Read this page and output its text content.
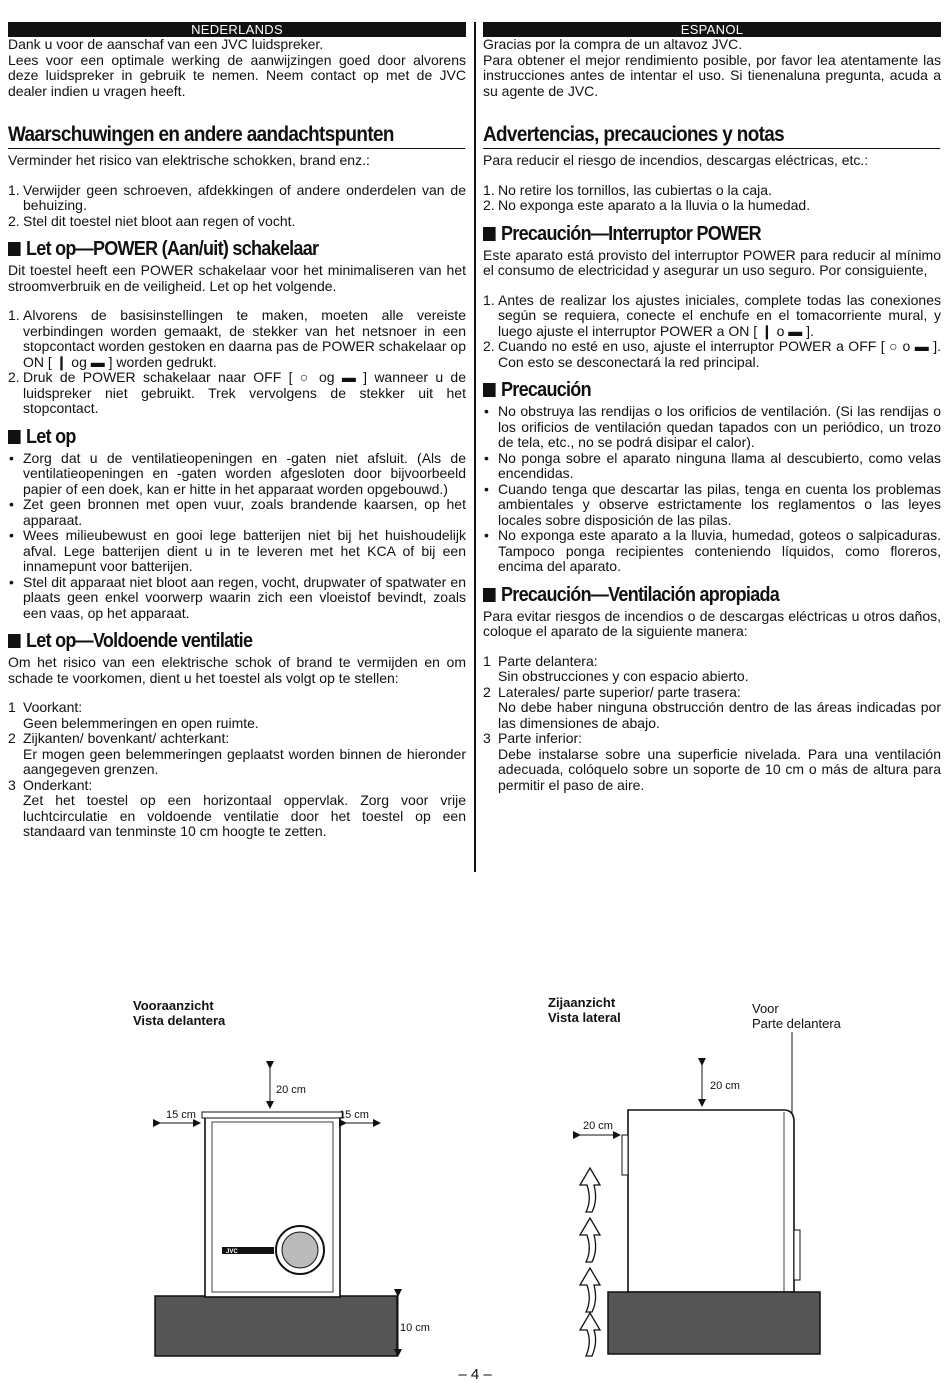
NEDERLANDS

Dank u voor de aanschaf van een JVC luidspreker.

Lees voor een optimale werking de aanwijzingen goed door alvorens deze luidspreker in gebruik te nemen. Neem contact op met de JVC dealer indien u vragen heeft.

Waarschuwingen en andere aandachtspunten

Verminder het risico van elektrische schokken, brand enz.:

1. Verwijder geen schroeven, afdekkingen of andere onderdelen van de behuizing.
2. Stel dit toestel niet bloot aan regen of vocht.
Let op—POWER (Aan/uit) schakelaar

Dit toestel heeft een POWER schakelaar voor het minimaliseren van het stroomverbruik en de veiligheid. Let op het volgende.

1. Alvorens de basisinstellingen te maken, moeten alle vereiste verbindingen worden gemaakt, de stekker van het netsnoer in een stopcontact worden gestoken en daarna pas de POWER schakelaar op ON [ ❙ og ▬ ] worden gedrukt.
2. Druk de POWER schakelaar naar OFF [ ○ og ▬ ] wanneer u de luidspreker niet gebruikt. Trek vervolgens de stekker uit het stopcontact.
Let op
• Zorg dat u de ventilatieopeningen en -gaten niet afsluit. (Als de ventilatieopeningen en -gaten worden afgesloten door bijvoorbeeld papier of een doek, kan er hitte in het apparaat worden opgebouwd.)
• Zet geen bronnen met open vuur, zoals brandende kaarsen, op het apparaat.
• Wees milieubewust en gooi lege batterijen niet bij het huishoudelijk afval. Lege batterijen dient u in te leveren met het KCA of bij een innamepunt voor batterijen.
• Stel dit apparaat niet bloot aan regen, vocht, drupwater of spatwater en plaats geen enkel voorwerp waarin zich een vloeistof bevindt, zoals een vaas, op het apparaat.
Let op—Voldoende ventilatie

Om het risico van een elektrische schok of brand te vermijden en om schade te voorkomen, dient u het toestel als volgt op te stellen:

1 Voorkant:
Geen belemmeringen en open ruimte.
2 Zijkanten/ bovenkant/ achterkant:
Er mogen geen belemmeringen geplaatst worden binnen de hieronder aangegeven grenzen.
3 Onderkant:
Zet het toestel op een horizontaal oppervlak. Zorg voor vrije luchtcirculatie en voldoende ventilatie door het toestel op een standaard van tenminste 10 cm hoogte te zetten.
ESPANOL

Gracias por la compra de un altavoz JVC.

Para obtener el mejor rendimiento posible, por favor lea atentamente las instrucciones antes de intentar el uso. Si tienenaluna pregunta, acuda a su agente de JVC.

Advertencias, precauciones y notas

Para reducir el riesgo de incendios, descargas eléctricas, etc.:

1. No retire los tornillos, las cubiertas o la caja.
2. No exponga este aparato a la lluvia o la humedad.
Precaución—Interruptor POWER

Este aparato está provisto del interruptor POWER para reducir al mínimo el consumo de electricidad y asegurar un uso seguro. Por consiguiente,

1. Antes de realizar los ajustes iniciales, complete todas las conexiones según se requiera, conecte el enchufe en el tomacorriente mural, y luego ajuste el interruptor POWER a ON [ ❙ o ▬ ].
2. Cuando no esté en uso, ajuste el interruptor POWER a OFF [ ○ o ▬ ]. Con esto se desconectará la red principal.
Precaución
• No obstruya las rendijas o los orificios de ventilación. (Si las rendijas o los orificios de ventilación quedan tapados con un periódico, un trozo de tela, etc., no se podrá disipar el calor).
• No ponga sobre el aparato ninguna llama al descubierto, como velas encendidas.
• Cuando tenga que descartar las pilas, tenga en cuenta los problemas ambientales y observe estrictamente los reglamentos o las leyes locales sobre disposición de las pilas.
• No exponga este aparato a la lluvia, humedad, goteos o salpicaduras. Tampoco ponga recipientes conteniendo líquidos, como floreros, encima del aparato.
Precaución—Ventilación apropiada

Para evitar riesgos de incendios o de descargas eléctricas u otros daños, coloque el aparato de la siguiente manera:

1 Parte delantera:
Sin obstrucciones y con espacio abierto.
2 Laterales/ parte superior/ parte trasera:
No debe haber ninguna obstrucción dentro de las áreas indicadas por las dimensiones de abajo.
3 Parte inferior:
Debe instalarse sobre una superficie nivelada. Para una ventilación adecuada, colóquelo sobre un soporte de 10 cm o más de altura para permitir el paso de aire.
Vooraanzicht
Vista delantera
JVC
20 cm
15 cm	15 cm
10 cm
Zijaanzicht
Vista lateral
Voor
Parte delantera
20 cm
20 cm
– 4 –
